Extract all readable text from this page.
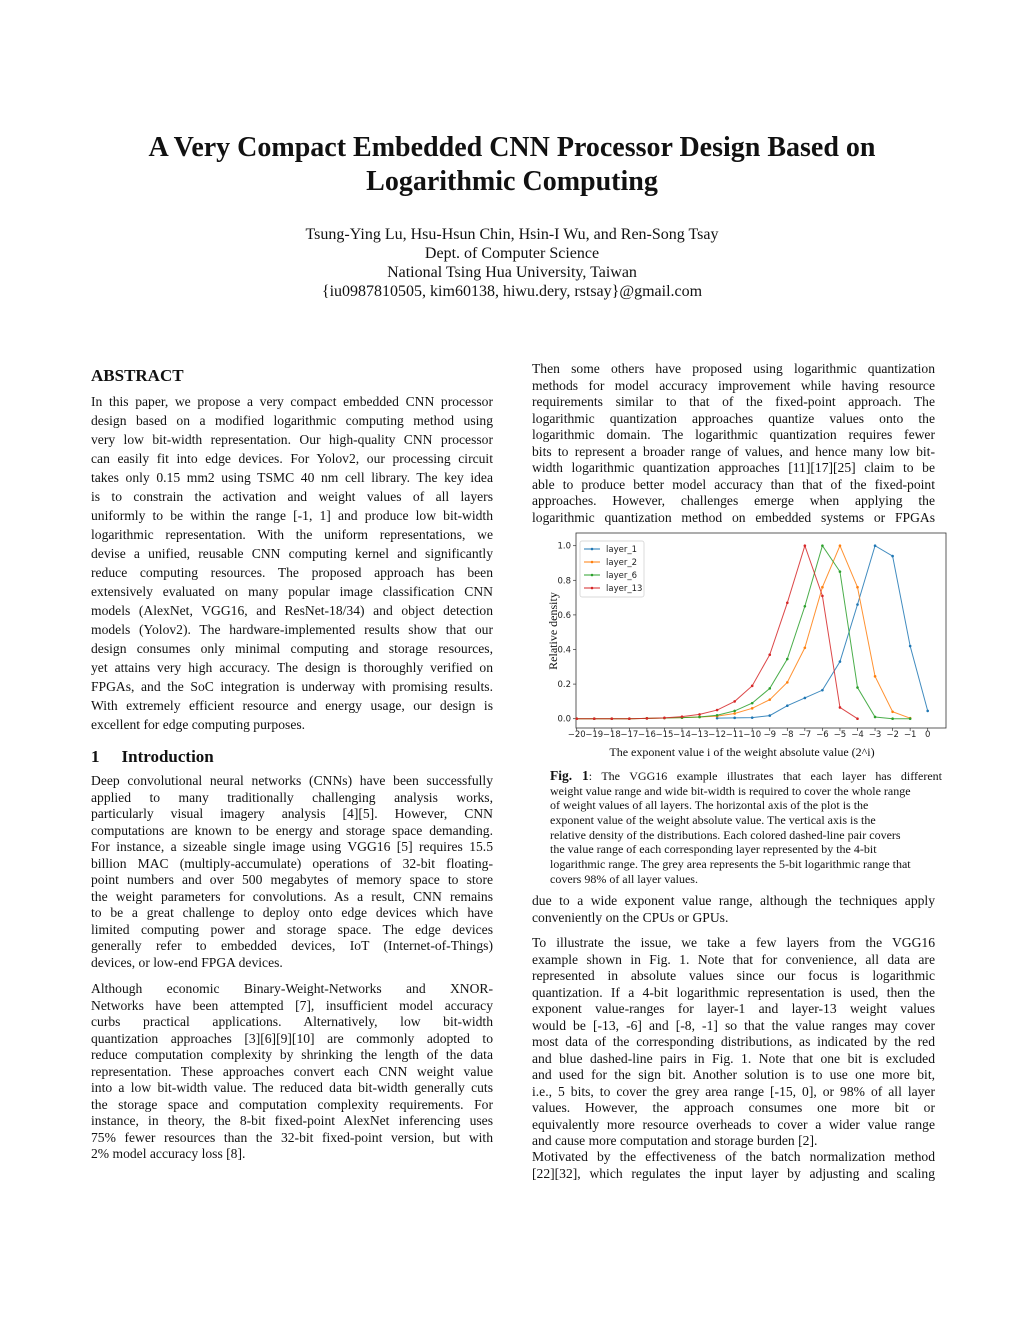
A Very Compact Embedded CNN Processor Design Based on
Logarithmic Computing
Tsung-Ying Lu, Hsu-Hsun Chin, Hsin-I Wu, and Ren-Song Tsay
Dept. of Computer Science
National Tsing Hua University, Taiwan
{iu0987810505, kim60138, hiwu.dery, rstsay}@gmail.com
ABSTRACT
In this paper, we propose a very compact embedded CNN processor
design based on a modified logarithmic computing method using
very low bit-width representation. Our high-quality CNN processor
can easily fit into edge devices. For Yolov2, our processing circuit
takes only 0.15 mm2 using TSMC 40 nm cell library. The key idea
is to constrain the activation and weight values of all layers
uniformly to be within the range [-1, 1] and produce low bit-width
logarithmic representation. With the uniform representations, we
devise a unified, reusable CNN computing kernel and significantly
reduce computing resources. The proposed approach has been
extensively evaluated on many popular image classification CNN
models (AlexNet, VGG16, and ResNet-18/34) and object detection
models (Yolov2). The hardware-implemented results show that our
design consumes only minimal computing and storage resources,
yet attains very high accuracy. The design is thoroughly verified on
FPGAs, and the SoC integration is underway with promising results.
With extremely efficient resource and energy usage, our design is
excellent for edge computing purposes.
1 Introduction
Deep convolutional neural networks (CNNs) have been successfully
applied to many traditionally challenging analysis works,
particularly visual imagery analysis [4][5]. However, CNN
computations are known to be energy and storage space demanding.
For instance, a sizeable single image using VGG16 [5] requires 15.5
billion MAC (multiply-accumulate) operations of 32-bit floating-
point numbers and over 500 megabytes of memory space to store
the weight parameters for convolutions. As a result, CNN remains
to be a great challenge to deploy onto edge devices which have
limited computing power and storage space. The edge devices
generally refer to embedded devices, IoT (Internet-of-Things)
devices, or low-end FPGA devices.
Although economic Binary-Weight-Networks and XNOR-
Networks have been attempted [7], insufficient model accuracy
curbs practical applications. Alternatively, low bit-width
quantization approaches [3][6][9][10] are commonly adopted to
reduce computation complexity by shrinking the length of the data
representation. These approaches convert each CNN weight value
into a low bit-width value. The reduced data bit-width generally cuts
the storage space and computation complexity requirements. For
instance, in theory, the 8-bit fixed-point AlexNet inferencing uses
75% fewer resources than the 32-bit fixed-point version, but with
2% model accuracy loss [8].
Then some others have proposed using logarithmic quantization
methods for model accuracy improvement while having resource
requirements similar to that of the fixed-point approach. The
logarithmic quantization approaches quantize values onto the
logarithmic domain. The logarithmic quantization requires fewer
bits to represent a broader range of values, and hence many low bit-
width logarithmic quantization approaches [11][17][25] claim to be
able to produce better model accuracy than that of the fixed-point
approaches. However, challenges emerge when applying the
logarithmic quantization method on embedded systems or FPGAs
−20 −19 −18 −17 −16 −15 −14 −13 −12 −11 −10 −9 −8 −7 −6 −5 −4 −3 −2 −1 0
0.0
0.2
0.4
0.6
0.8
1.0
Relative density
The exponent value i of the weight absolute value (2^i)
layer_1
layer_2
layer_6
layer_13
Fig. 1: The VGG16 example illustrates that each layer has different
weight value range and wide bit-width is required to cover the whole range
of weight values of all layers. The horizontal axis of the plot is the
exponent value of the weight absolute value. The vertical axis is the
relative density of the distributions. Each colored dashed-line pair covers
the value range of each corresponding layer represented by the 4-bit
logarithmic range. The grey area represents the 5-bit logarithmic range that
covers 98% of all layer values.
due to a wide exponent value range, although the techniques apply
conveniently on the CPUs or GPUs.
To illustrate the issue, we take a few layers from the VGG16
example shown in Fig. 1. Note that for convenience, all data are
represented in absolute values since our focus is logarithmic
quantization. If a 4-bit logarithmic representation is used, then the
exponent value-ranges for layer-1 and layer-13 weight values
would be [-13, -6] and [-8, -1] so that the value ranges may cover
most data of the corresponding distributions, as indicated by the red
and blue dashed-line pairs in Fig. 1. Note that one bit is excluded
and used for the sign bit. Another solution is to use one more bit,
i.e., 5 bits, to cover the grey area range [-15, 0], or 98% of all layer
values. However, the approach consumes one more bit or
equivalently more resource overheads to cover a wider value range
and cause more computation and storage burden [2].
Motivated by the effectiveness of the batch normalization method
[22][32], which regulates the input layer by adjusting and scaling
